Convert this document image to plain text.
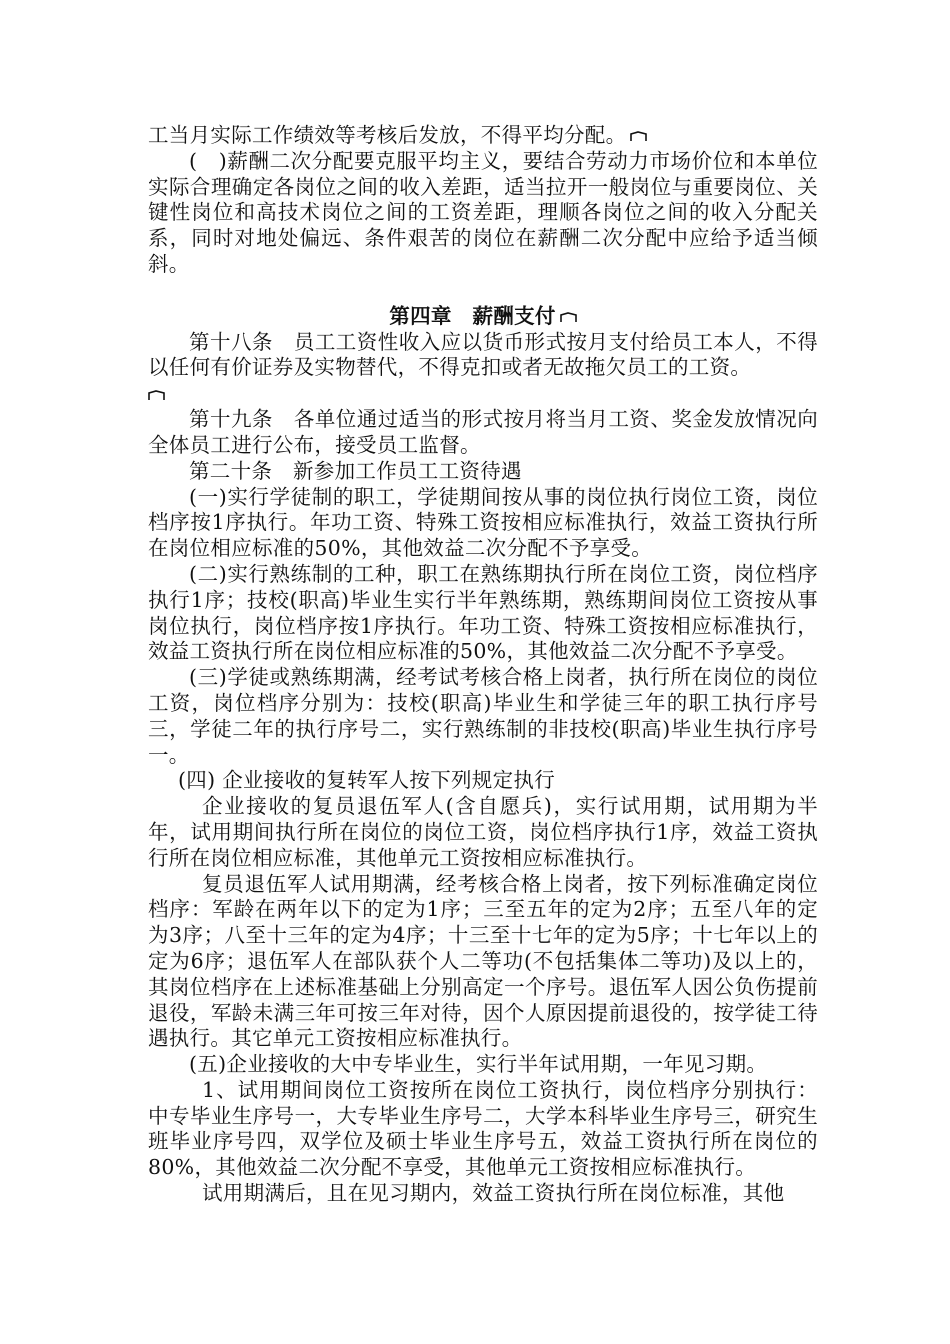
工当月实际工作绩效等考核后发放，不得平均分配。

(　)薪酬二次分配要克服平均主义，要结合劳动力市场价位和本单位实际合理确定各岗位之间的收入差距，适当拉开一般岗位与重要岗位、关键性岗位和高技术岗位之间的工资差距，理顺各岗位之间的收入分配关系，同时对地处偏远、条件艰苦的岗位在薪酬二次分配中应给予适当倾斜。

第四章　薪酬支付

第十八条　员工工资性收入应以货币形式按月支付给员工本人，不得以任何有价证券及实物替代，不得克扣或者无故拖欠员工的工资。

第十九条　各单位通过适当的形式按月将当月工资、奖金发放情况向全体员工进行公布，接受员工监督。

第二十条　新参加工作员工工资待遇

(一)实行学徒制的职工，学徒期间按从事的岗位执行岗位工资，岗位档序按1序执行。年功工资、特殊工资按相应标准执行，效益工资执行所在岗位相应标准的50%，其他效益二次分配不予享受。

(二)实行熟练制的工种，职工在熟练期执行所在岗位工资，岗位档序执行1序；技校(职高)毕业生实行半年熟练期，熟练期间岗位工资按从事岗位执行，岗位档序按1序执行。年功工资、特殊工资按相应标准执行，效益工资执行所在岗位相应标准的50%，其他效益二次分配不予享受。

(三)学徒或熟练期满，经考试考核合格上岗者，执行所在岗位的岗位工资，岗位档序分别为：技校(职高)毕业生和学徒三年的职工执行序号三，学徒二年的执行序号二，实行熟练制的非技校(职高)毕业生执行序号一。

(四) 企业接收的复转军人按下列规定执行

企业接收的复员退伍军人(含自愿兵)，实行试用期，试用期为半年，试用期间执行所在岗位的岗位工资，岗位档序执行1序，效益工资执行所在岗位相应标准，其他单元工资按相应标准执行。

复员退伍军人试用期满，经考核合格上岗者，按下列标准确定岗位档序：军龄在两年以下的定为1序；三至五年的定为2序；五至八年的定为3序；八至十三年的定为4序；十三至十七年的定为5序；十七年以上的定为6序；退伍军人在部队获个人二等功(不包括集体二等功)及以上的，其岗位档序在上述标准基础上分别高定一个序号。退伍军人因公负伤提前退役，军龄未满三年可按三年对待，因个人原因提前退役的，按学徒工待遇执行。其它单元工资按相应标准执行。

(五)企业接收的大中专毕业生，实行半年试用期，一年见习期。

1、试用期间岗位工资按所在岗位工资执行，岗位档序分别执行：中专毕业生序号一，大专毕业生序号二，大学本科毕业生序号三，研究生班毕业序号四，双学位及硕士毕业生序号五，效益工资执行所在岗位的80%，其他效益二次分配不享受，其他单元工资按相应标准执行。

试用期满后，且在见习期内，效益工资执行所在岗位标准，其他
